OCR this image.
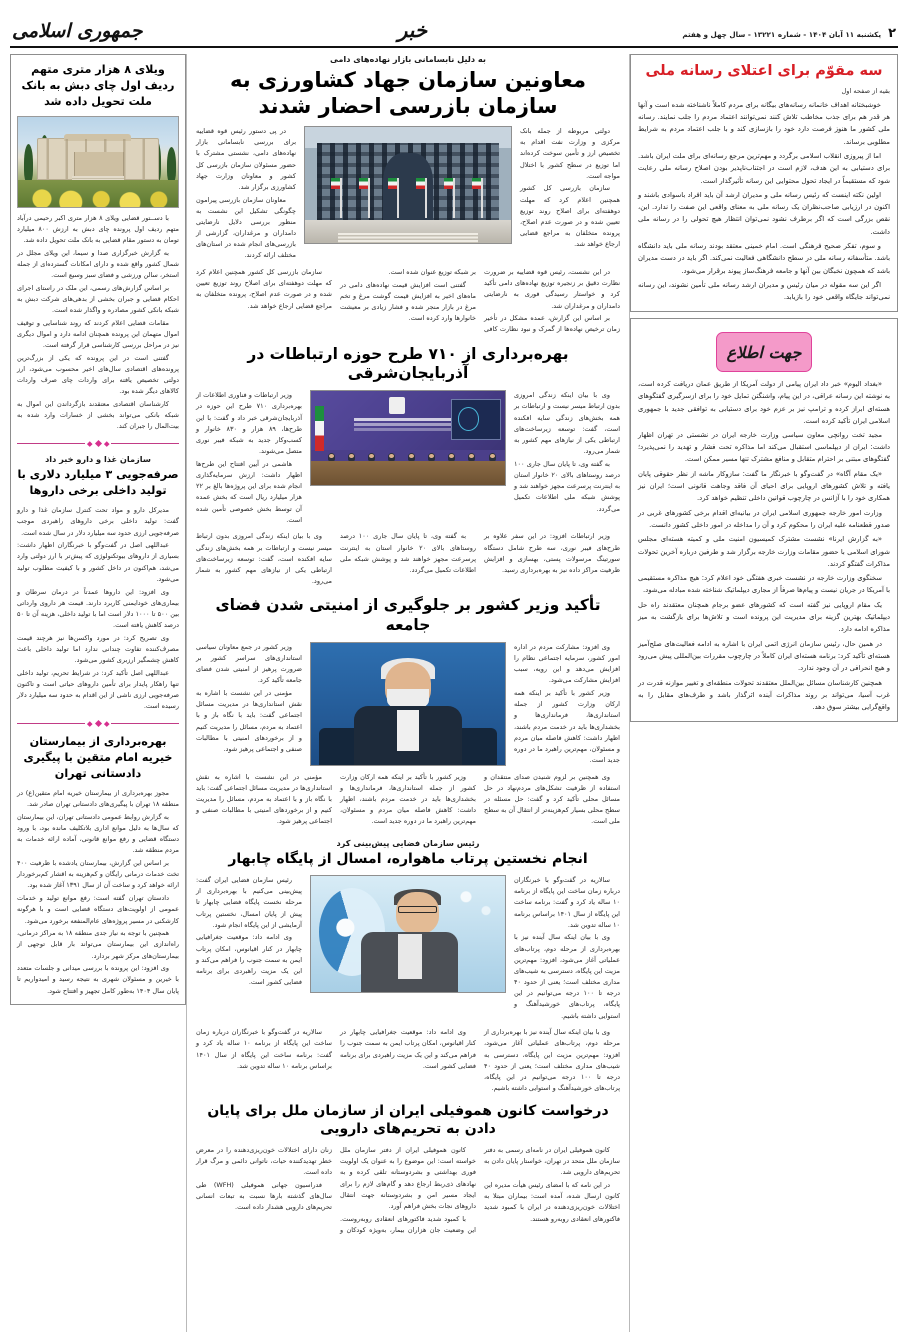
۲
یکشنبه ۱۱ آبان ۱۴۰۴ - شماره ۱۳۲۲۱ - سال چهل و هفتم
خبر
جمهوری اسلامی
سه مقوّم برای اعتلای رسانه ملی
بقیه از صفحه اول

خوشبختانه اهداف خانمانه رسانه‌های بیگانه برای مردم کاملاً ناشناخته شده است و آنها هر قدر هم برای جذب مخاطب تلاش کنند نمی‌توانند اعتماد مردم را جلب نمایند. رسانه ملی کشور ما هنوز فرصت دارد خود را بازسازی کند و با جلب اعتماد مردم به شرایط مطلوبی برساند.

اما از پیروزی انقلاب اسلامی برگردد و مهم‌ترین مرجع رسانه‌ای برای ملت ایران باشد. برای دستیابی به این هدف، لازم است در اجتناب‌ناپذیر بودن اصلاح رسانه ملی رعایت شود که مستقیماً در ایجاد تحول محتوایی این رسانه تأثیرگذار است.

اولین نکته اینست که رئیس رسانه ملی و مدیران ارشد آن باید افراد باسوادی باشند و اکنون در ارزیابی صاحب‌نظران یک رسانه ملی به معنای واقعی این صفت را ندارد. این، نقص بزرگی است که اگر برطرف نشود نمی‌توان انتظار هیچ تحولی را در رسانه ملی داشت.

و سوم، تفکر صحیح فرهنگی است. امام خمینی معتقد بودند رسانه ملی باید دانشگاه باشد. متأسفانه رسانه ملی در سطح دانشگاهی فعالیت نمی‌کند. اگر باید در دست مدیران باشد که همچون نخبگان بین آنها و جامعه فرهنگ‌ساز پیوند برقرار می‌شود.

اگر این سه مقوله در میان رئیس و مدیران ارشد رسانه ملی تأمین نشوند، این رسانه نمی‌تواند جایگاه واقعی خود را بازیابد.

جهت اطلاع

«بغداد الیوم» خبر داد ایران پیامی از دولت آمریکا از طریق عمان دریافت کرده است، به نوشته این رسانه عراقی، در این پیام، واشنگتن تمایل خود را برای ازسرگیری گفتگوهای هسته‌ای ابراز کرده و ترامپ نیز بر عزم خود برای دستیابی به توافقی جدید با جمهوری اسلامی ایران تأکید کرده است.

مجید تخت روانچی معاون سیاسی وزارت خارجه ایران در نشستی در تهران اظهار داشت: ایران از دیپلماسی استقبال می‌کند اما مذاکره تحت فشار و تهدید را نمی‌پذیرد؛ گفتگوهای مبتنی بر احترام متقابل و منافع مشترک تنها مسیر ممکن است.

«یک مقام آگاه» در گفت‌وگو با خبرنگار ما گفت: سازوکار ماشه از نظر حقوقی پایان یافته و تلاش کشورهای اروپایی برای احیای آن فاقد وجاهت قانونی است؛ ایران نیز همکاری خود را با آژانس در چارچوب قوانین داخلی تنظیم خواهد کرد.

وزارت امور خارجه جمهوری اسلامی ایران در بیانیه‌ای اقدام برخی کشورهای غربی در صدور قطعنامه علیه ایران را محکوم کرد و آن را مداخله در امور داخلی کشور دانست.

«به گزارش ایرنا» نشست مشترک کمیسیون امنیت ملی و کمیته هسته‌ای مجلس شورای اسلامی با حضور مقامات وزارت خارجه برگزار شد و طرفین درباره آخرین تحولات مذاکرات گفتگو کردند.

سخنگوی وزارت خارجه در نشست خبری هفتگی خود اعلام کرد: هیچ مذاکره مستقیمی با آمریکا در جریان نیست و پیام‌ها صرفاً از مجاری دیپلماتیک شناخته شده مبادله می‌شود.

یک مقام اروپایی نیز گفته است که کشورهای عضو برجام همچنان معتقدند راه حل دیپلماتیک بهترین گزینه برای مدیریت این پرونده است و تلاش‌ها برای بازگشت به میز مذاکره ادامه دارد.

در همین حال، رئیس سازمان انرژی اتمی ایران با اشاره به ادامه فعالیت‌های صلح‌آمیز هسته‌ای تأکید کرد: برنامه هسته‌ای ایران کاملاً در چارچوب مقررات بین‌المللی پیش می‌رود و هیچ انحرافی در آن وجود ندارد.

همچنین کارشناسان مسائل بین‌الملل معتقدند تحولات منطقه‌ای و تغییر موازنه قدرت در غرب آسیا، می‌تواند بر روند مذاکرات آینده اثرگذار باشد و طرف‌های مقابل را به واقع‌گرایی بیشتر سوق دهد.

به دلیل نابسامانی بازار نهاده‌های دامی
معاونین سازمان جهاد کشاورزی به سازمان بازرسی احضار شدند

دولتی مربوطه از جمله بانک مرکزی و وزارت نفت اقدام به تخصیص ارز و تأمین سوخت کرده‌اند اما توزیع در سطح کشور با اختلال مواجه است.

سازمان بازرسی کل کشور همچنین اعلام کرد که مهلت دوهفته‌ای برای اصلاح روند توزیع تعیین شده و در صورت عدم اصلاح، پرونده متخلفان به مراجع قضایی ارجاع خواهد شد.

در پی دستور رئیس قوه قضاییه برای بررسی نابسامانی بازار نهاده‌های دامی، نشستی مشترک با حضور مسئولان سازمان بازرسی کل کشور و معاونان وزارت جهاد کشاورزی برگزار شد.

معاونان سازمان بازرسی پیرامون چگونگی تشکیل این نشست به منظور بررسی دلایل نارضایتی دامداران و مرغداران، گزارشی از بازرسی‌های انجام شده در استان‌های مختلف ارائه کردند.

در این نشست، رئیس قوه قضاییه بر ضرورت نظارت دقیق بر زنجیره توزیع نهاده‌های دامی تأکید کرد و خواستار رسیدگی فوری به نارضایتی دامداران و مرغداران شد.

بر اساس این گزارش، عمده مشکل در تأخیر زمان ترخیص نهاده‌ها از گمرک و نبود نظارت کافی بر شبکه توزیع عنوان شده است.

گفتنی است افزایش قیمت نهاده‌های دامی در ماه‌های اخیر به افزایش قیمت گوشت مرغ و تخم مرغ در بازار منجر شده و فشار زیادی بر معیشت خانوارها وارد کرده است.

سازمان بازرسی کل کشور همچنین اعلام کرد که مهلت دوهفته‌ای برای اصلاح روند توزیع تعیین شده و در صورت عدم اصلاح، پرونده متخلفان به مراجع قضایی ارجاع خواهد شد.

بهره‌برداری از ۷۱۰ طرح حوزه ارتباطات در آذربایجان‌شرقی

وی با بیان اینکه زندگی امروزی بدون ارتباط میسر نیست و ارتباطات بر همه بخش‌های زندگی سایه افکنده است، گفت: توسعه زیرساخت‌های ارتباطی یکی از نیازهای مهم کشور به شمار می‌رود.

به گفته وی، تا پایان سال جاری ۱۰۰ درصد روستاهای بالای ۲۰ خانوار استان به اینترنت پرسرعت مجهز خواهند شد و پوشش شبکه ملی اطلاعات تکمیل می‌گردد.

وزیر ارتباطات و فناوری اطلاعات از بهره‌برداری ۷۱۰ طرح این حوزه در آذربایجان‌شرقی خبر داد و گفت: با این طرح‌ها، ۸۹ هزار و ۸۳۰ خانوار و کسب‌وکار جدید به شبکه فیبر نوری متصل می‌شوند.

هاشمی در آیین افتتاح این طرح‌ها اظهار داشت: ارزش سرمایه‌گذاری انجام شده برای این پروژه‌ها بالغ بر ۲۲ هزار میلیارد ریال است که بخش عمده آن توسط بخش خصوصی تأمین شده است.

وزیر ارتباطات افزود: در این سفر علاوه بر طرح‌های فیبر نوری، سه طرح شامل دستگاه سورتینگ مرسولات پستی، بهسازی و افزایش ظرفیت مراکز داده نیز به بهره‌برداری رسید.

به گفته وی، تا پایان سال جاری ۱۰۰ درصد روستاهای بالای ۲۰ خانوار استان به اینترنت پرسرعت مجهز خواهند شد و پوشش شبکه ملی اطلاعات تکمیل می‌گردد.

وی با بیان اینکه زندگی امروزی بدون ارتباط میسر نیست و ارتباطات بر همه بخش‌های زندگی سایه افکنده است، گفت: توسعه زیرساخت‌های ارتباطی یکی از نیازهای مهم کشور به شمار می‌رود.

تأکید وزیر کشور بر جلوگیری از امنیتی شدن فضای جامعه

وی افزود: مشارکت مردم در اداره امور کشور، سرمایه اجتماعی نظام را افزایش می‌دهد و این رویه، سبب افزایش مشارکت می‌شود.

وزیر کشور با تأکید بر اینکه همه ارکان وزارت کشور از جمله استانداری‌ها، فرمانداری‌ها و بخشداری‌ها باید در خدمت مردم باشند، اظهار داشت: کاهش فاصله میان مردم و مسئولان، مهم‌ترین راهبرد ما در دوره جدید است.

وزیر کشور در جمع معاونان سیاسی استانداری‌های سراسر کشور بر ضرورت پرهیز از امنیتی شدن فضای جامعه تأکید کرد.

مؤمنی در این نشست با اشاره به نقش استانداری‌ها در مدیریت مسائل اجتماعی گفت: باید با نگاه باز و با اعتماد به مردم، مسائل را مدیریت کنیم و از برخوردهای امنیتی با مطالبات صنفی و اجتماعی پرهیز شود.

وی همچنین بر لزوم شنیدن صدای منتقدان و استفاده از ظرفیت تشکل‌های مردم‌نهاد در حل مسائل محلی تأکید کرد و گفت: حل مسئله در سطح محلی بسیار کم‌هزینه‌تر از انتقال آن به سطح ملی است.

وزیر کشور با تأکید بر اینکه همه ارکان وزارت کشور از جمله استانداری‌ها، فرمانداری‌ها و بخشداری‌ها باید در خدمت مردم باشند، اظهار داشت: کاهش فاصله میان مردم و مسئولان، مهم‌ترین راهبرد ما در دوره جدید است.

مؤمنی در این نشست با اشاره به نقش استانداری‌ها در مدیریت مسائل اجتماعی گفت: باید با نگاه باز و با اعتماد به مردم، مسائل را مدیریت کنیم و از برخوردهای امنیتی با مطالبات صنفی و اجتماعی پرهیز شود.

رئیس سازمان فضایی پیش‌بینی کرد
انجام نخستین پرتاب ماهواره، امسال از پایگاه چابهار

سالاریه در گفت‌وگو با خبرنگاران درباره زمان ساخت این پایگاه از برنامه ۱۰ ساله یاد کرد و گفت: برنامه ساخت این پایگاه از سال ۱۴۰۱ براساس برنامه ۱۰ ساله تدوین شد.

وی با بیان اینکه سال آینده نیز با بهره‌برداری از مرحله دوم، پرتاب‌های عملیاتی آغاز می‌شود، افزود: مهم‌ترین مزیت این پایگاه، دسترسی به شیب‌های مداری مختلف است؛ یعنی از حدود ۴۰ درجه تا ۱۰۰ درجه می‌توانیم در این پایگاه، پرتاب‌های خورشیدآهنگ و استوایی داشته باشیم.

رئیس سازمان فضایی ایران گفت: پیش‌بینی می‌کنیم با بهره‌برداری از مرحله نخست پایگاه فضایی چابهار تا پیش از پایان امسال، نخستین پرتاب آزمایشی از این پایگاه انجام شود.

وی ادامه داد: موقعیت جغرافیایی چابهار در کنار اقیانوس، امکان پرتاب ایمن به سمت جنوب را فراهم می‌کند و این یک مزیت راهبردی برای برنامه فضایی کشور است.

وی با بیان اینکه سال آینده نیز با بهره‌برداری از مرحله دوم، پرتاب‌های عملیاتی آغاز می‌شود، افزود: مهم‌ترین مزیت این پایگاه، دسترسی به شیب‌های مداری مختلف است؛ یعنی از حدود ۴۰ درجه تا ۱۰۰ درجه می‌توانیم در این پایگاه، پرتاب‌های خورشیدآهنگ و استوایی داشته باشیم.

وی ادامه داد: موقعیت جغرافیایی چابهار در کنار اقیانوس، امکان پرتاب ایمن به سمت جنوب را فراهم می‌کند و این یک مزیت راهبردی برای برنامه فضایی کشور است.

سالاریه در گفت‌وگو با خبرنگاران درباره زمان ساخت این پایگاه از برنامه ۱۰ ساله یاد کرد و گفت: برنامه ساخت این پایگاه از سال ۱۴۰۱ براساس برنامه ۱۰ ساله تدوین شد.

درخواست کانون هموفیلی ایران از سازمان ملل برای پایان دادن به تحریم‌های دارویی

کانون هموفیلی ایران در نامه‌ای رسمی به دفتر سازمان ملل متحد در تهران، خواستار پایان دادن به تحریم‌های دارویی شد.

در این نامه که با امضای رئیس هیأت مدیره این کانون ارسال شده، آمده است: بیماران مبتلا به اختلالات خون‌ریزی‌دهنده در ایران با کمبود شدید فاکتورهای انعقادی روبه‌رو هستند.

کانون هموفیلی ایران از دفتر سازمان ملل خواسته است: این موضوع را به عنوان یک اولویت فوری بهداشتی و بشردوستانه تلقی کرده و به نهادهای ذی‌ربط ارجاع دهد و گام‌های لازم را برای ایجاد مسیر امن و بشردوستانه جهت انتقال داروهای نجات بخش فراهم آورد.

با کمبود شدید فاکتورهای انعقادی روبه‌روست. این وضعیت جان هزاران بیمار، به‌ویژه کودکان و زنان دارای اختلالات خون‌ریزی‌دهنده را در معرض خطر تهدیدکننده حیات، ناتوانی دائمی و مرگ قرار داده است.

فدراسیون جهانی هموفیلی (WFH) طی سال‌های گذشته بارها نسبت به تبعات انسانی تحریم‌های دارویی هشدار داده است.

ویلای ۸ هزار متری متهم ردیف اول چای دبش به بانک ملت تحویل داده شد

با دســتور قضایی ویلای ۸ هزار متری اکبر رحیمی درآباد متهم ردیف اول پرونده چای دبش به ارزش ۸۰۰ میلیارد تومان به دستور مقام قضایی به بانک ملت تحویل داده شد.

به گزارش خبرگزاری صدا و سیما، این ویلای مجلل در شمال کشور واقع شده و دارای امکانات گسترده‌ای از جمله استخر، سالن ورزشی و فضای سبز وسیع است.

بر اساس گزارش‌های رسمی، این ملک در راستای اجرای احکام قضایی و جبران بخشی از بدهی‌های شرکت دبش به شبکه بانکی کشور مصادره و واگذار شده است.

مقامات قضایی اعلام کردند که روند شناسایی و توقیف اموال متهمان این پرونده همچنان ادامه دارد و اموال دیگری نیز در مراحل بررسی کارشناسی قرار گرفته است.

گفتنی است در این پرونده که یکی از بزرگ‌ترین پرونده‌های اقتصادی سال‌های اخیر محسوب می‌شود، ارز دولتی تخصیص یافته برای واردات چای صرف واردات کالاهای دیگر شده بود.

کارشناسان اقتصادی معتقدند بازگرداندن این اموال به شبکه بانکی می‌تواند بخشی از خسارات وارد شده به بیت‌المال را جبران کند.

سازمان غذا و دارو خبر داد
صرفه‌جویی ۳ میلیارد دلاری با تولید داخلی برخی داروها

مدیرکل دارو و مواد تحت کنترل سازمان غذا و دارو گفت: تولید داخلی برخی داروهای راهبردی موجب صرفه‌جویی ارزی حدود سه میلیارد دلار در سال شده است.

عبداللهی اصل در گفت‌وگو با خبرنگاران اظهار داشت: بسیاری از داروهای بیوتکنولوژی که پیش‌تر با ارز دولتی وارد می‌شد، هم‌اکنون در داخل کشور و با کیفیت مطلوب تولید می‌شود.

وی افزود: این داروها عمدتاً در درمان سرطان و بیماری‌های خودایمنی کاربرد دارند. قیمت هر داروی وارداتی بین ۵۰۰ تا ۱۰۰۰ دلار است اما با تولید داخلی، هزینه آن تا ۵۰ درصد کاهش یافته است.

وی تصریح کرد: در مورد واکسن‌ها نیز هرچند قیمت مصرف‌کننده تفاوت چندانی ندارد اما تولید داخلی باعث کاهش چشمگیر ارزبری کشور می‌شود.

عبداللهی اصل تأکید کرد: در شرایط تحریم، تولید داخلی تنها راهکار پایدار برای تأمین داروهای حیاتی است و تاکنون صرفه‌جویی ارزی ناشی از این اقدام به حدود سه میلیارد دلار رسیده است.

بهره‌برداری از بیمارستان خیریه امام متقین با پیگیری دادستانی تهران

مجوز بهره‌برداری از بیمارستان خیریه امام متقین(ع) در منطقه ۱۸ تهران با پیگیری‌های دادستانی تهران صادر شد.

به گزارش روابط عمومی دادستانی تهران، این بیمارستان که سال‌ها به دلیل موانع اداری بلاتکلیف مانده بود، با ورود دستگاه قضایی و رفع موانع قانونی، آماده ارائه خدمات به مردم منطقه شد.

بر اساس این گزارش، بیمارستان یادشده با ظرفیت ۴۰۰ تخت خدمات درمانی رایگان و کم‌هزینه به اقشار کم‌برخوردار ارائه خواهد کرد و ساخت آن از سال ۱۳۹۱ آغاز شده بود.

دادستان تهران گفته است: رفع موانع تولید و خدمات عمومی از اولویت‌های دستگاه قضایی است و با هرگونه کارشکنی در مسیر پروژه‌های عام‌المنفعه برخورد می‌شود.

همچنین با توجه به نیاز جدی منطقه ۱۸ به مراکز درمانی، راه‌اندازی این بیمارستان می‌تواند بار قابل توجهی از بیمارستان‌های مرکز شهر بردارد.

وی افزود: این پرونده با بررسی میدانی و جلسات متعدد با خیرین و مسئولان شهری به نتیجه رسید و امیدواریم تا پایان سال ۱۴۰۴ به‌طور کامل تجهیز و افتتاح شود.
